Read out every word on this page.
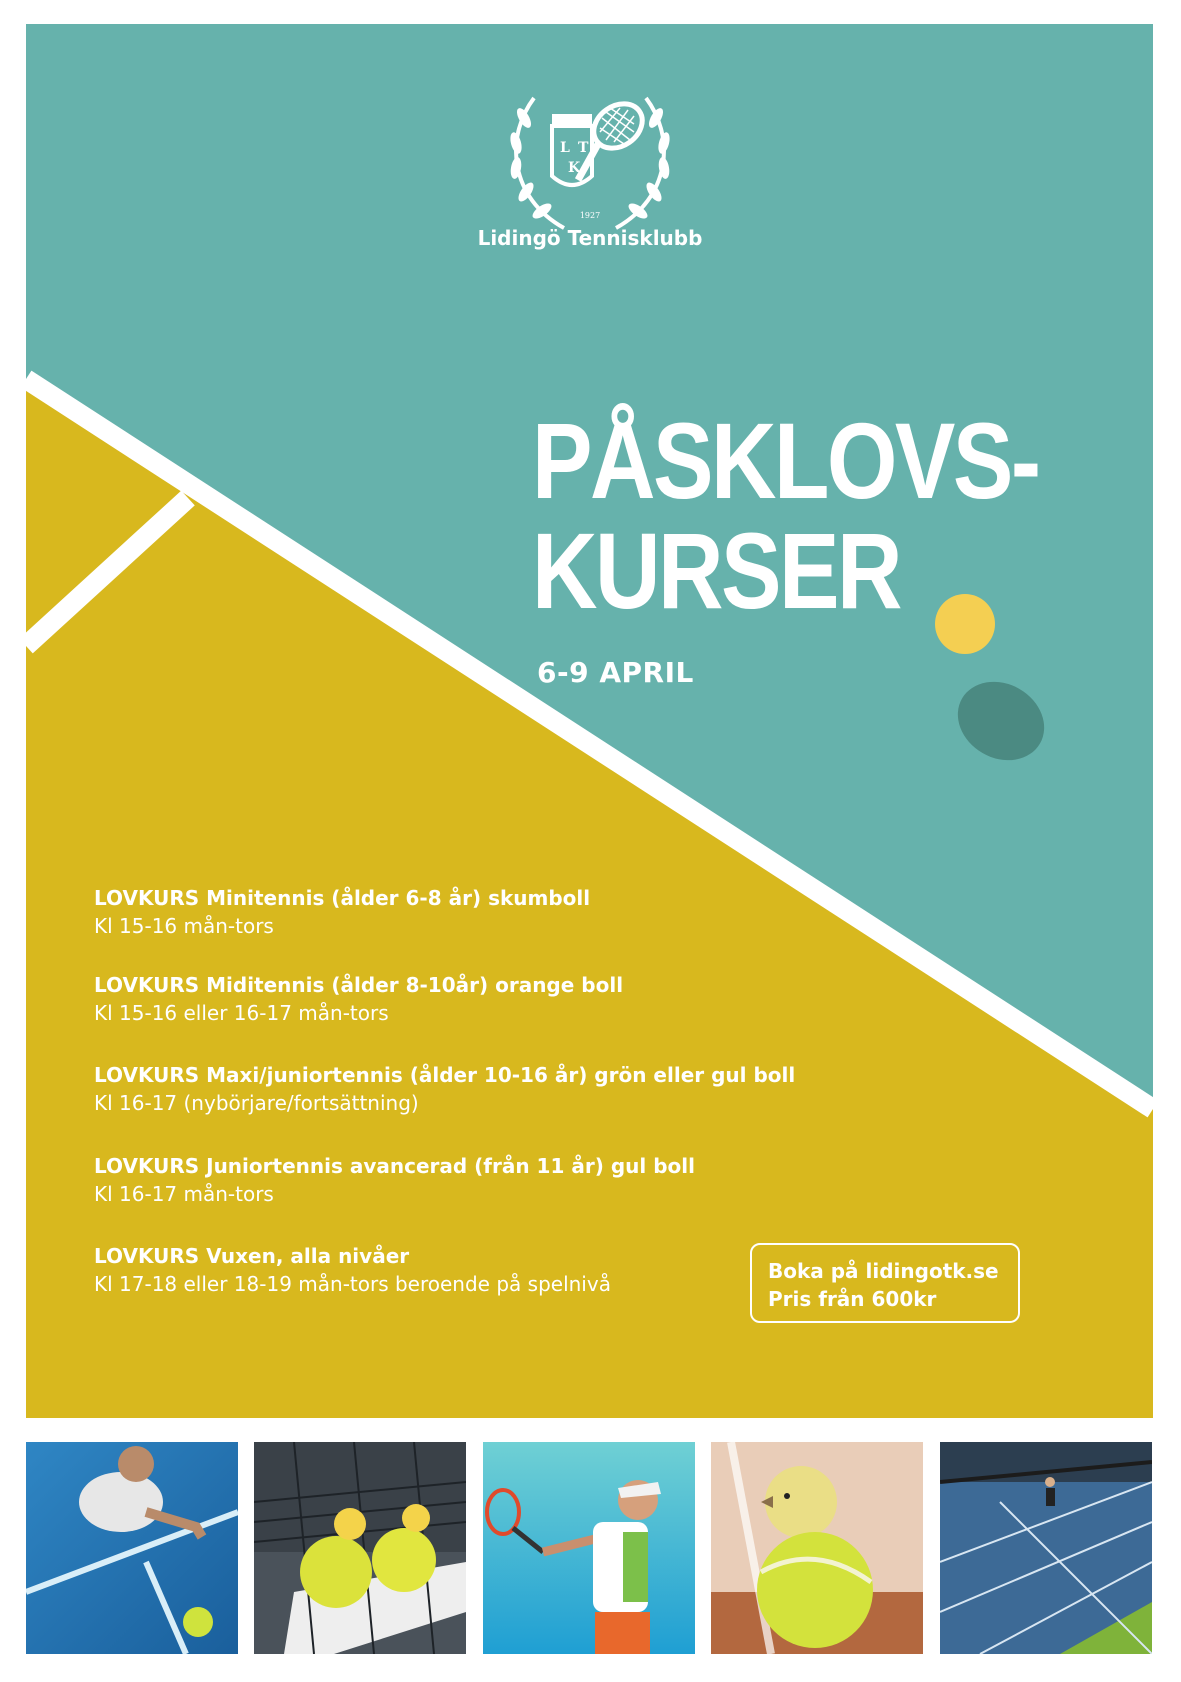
1927
L T
K
Lidingö Tennisklubb
PÅSKLOVS-
KURSER
6-9 APRIL
LOVKURS Minitennis (ålder 6-8 år) skumboll
Kl 15-16 mån-tors
LOVKURS Miditennis (ålder 8-10år) orange boll
Kl 15-16 eller 16-17 mån-tors
LOVKURS Maxi/juniortennis (ålder 10-16 år) grön eller gul boll
Kl 16-17 (nybörjare/fortsättning)
LOVKURS Juniortennis avancerad (från 11 år) gul boll
Kl 16-17 mån-tors
LOVKURS Vuxen, alla nivåer
Kl 17-18 eller 18-19 mån-tors beroende på spelnivå
Boka på lidingotk.se
Pris från 600kr
